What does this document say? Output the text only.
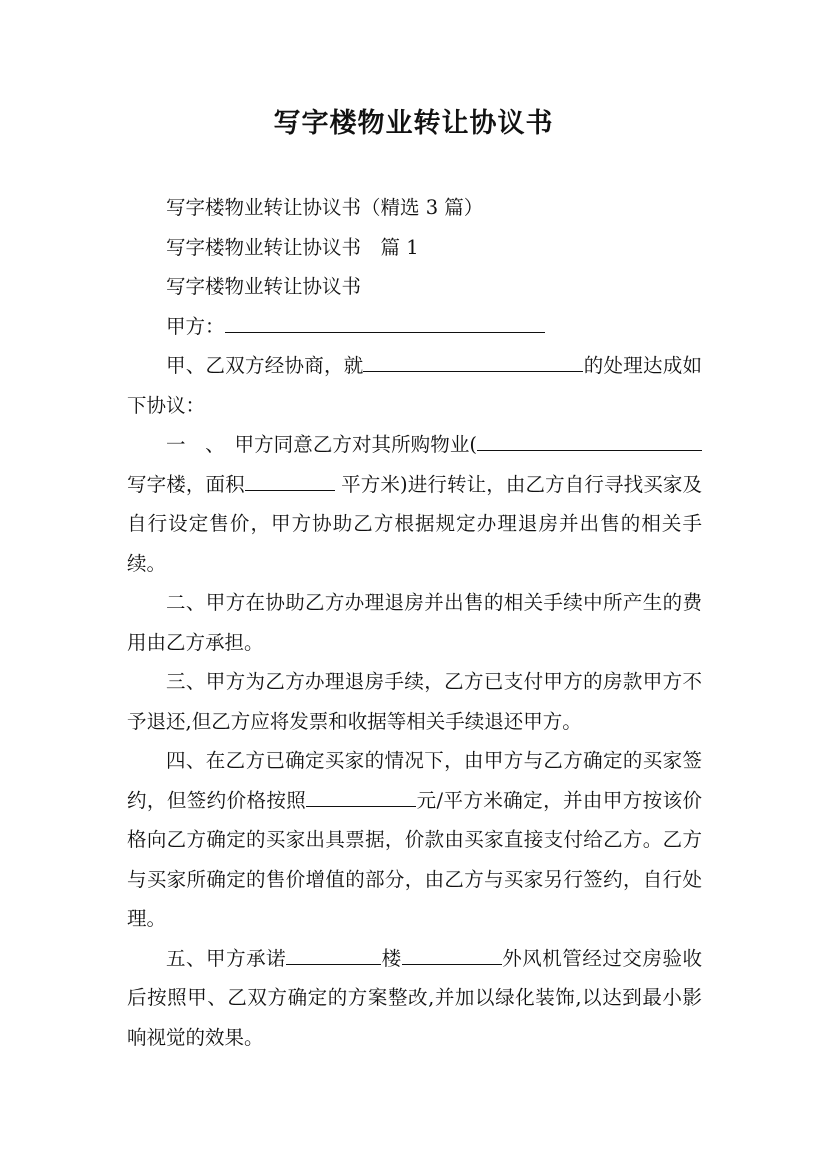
写字楼物业转让协议书

写字楼物业转让协议书（精选 3 篇）

写字楼物业转让协议书　篇 1

写字楼物业转让协议书

甲方：

甲、乙双方经协商，就	的处理达成如下协议：

一　、　甲方同意乙方对其所购物业(写字楼，面积	平方米)进行转让，由乙方自行寻找买家及自行设定售价，甲方协助乙方根据规定办理退房并出售的相关手续。

二、甲方在协助乙方办理退房并出售的相关手续中所产生的费用由乙方承担。

三、甲方为乙方办理退房手续，乙方已支付甲方的房款甲方不予退还,但乙方应将发票和收据等相关手续退还甲方。

四、在乙方已确定买家的情况下，由甲方与乙方确定的买家签约，但签约价格按照	元/平方米确定，并由甲方按该价格向乙方确定的买家出具票据，价款由买家直接支付给乙方。乙方与买家所确定的售价增值的部分，由乙方与买家另行签约，自行处理。

五、甲方承诺	楼	外风机管经过交房验收后按照甲、乙双方确定的方案整改,并加以绿化装饰,以达到最小影响视觉的效果。
